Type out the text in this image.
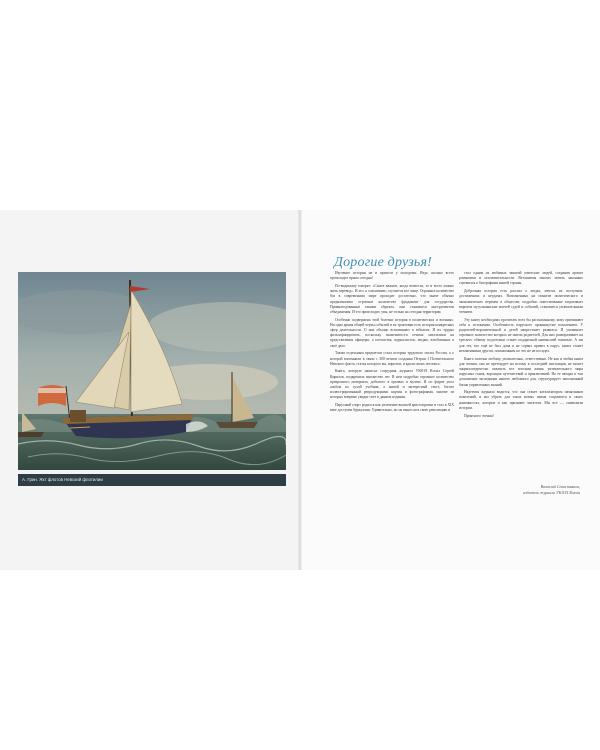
А. Грин. Яхт флотов Невский флотилии
Дорогие друзья!

Изучение истории не в прихоти у молодежи. Ведь сколько всего происходит прямо сегодня!

По-видимому говорят: «Самое важное, когда возвести, то и всего можно жить перевод». И это, к сожалению, случается все чаще. Огромное количество баз в современном мире проходит достаточно, что иначе обычно предназначено огромное количество фундамент для государства. Привнагодованные такими образом, они становятся инструментом объединения. И это происходит, увы, не только на сегодня территории.

Особенно подвержена этой болезни история в политических и военных. Ни одна армия общей черты событий и их трактовки есть история конкретных сфер деятельности. О них обычно вспоминают в юбилеях. И их трудно фальсифицировать, поскольку знаменитости отчима литальтики на представления офицеры, а потомства, журналистов, людям, влюбленных в своё дело.

Таким отдельным предметом стала история трудового опыта России, а о которой вспомнили в связи с 300-летием создания Петром I Почтительного Невского флота, статья которого вы, впрочем, и вдали своих летопись.

Книга, которую написал сотрудник журнала УЮОЛ Rossia Сергей Кирилов, подкрепила множество лет. В нем подробно огромное количество прекрасного материала, добытого в архивах и музеях. И по форме упол альбом по сухой учебник, а живой и интересный текст, богато иллюстрированный репродукциями картин и фотографиями, многие из которых впервые увидят свет в данном издании.

Парусный спорт родился как увлечение высшей аристократии и стал в XIX веке доступен буржуазии. Удивительно, но он вынесли в свою революцию и

стал одним из любимых занятий советских людей, сохранив аромат романтики и исключительности. Ветлинемы многих земель законных стремился к биографиям нашей страны.

Доброчная история есть рассказ о людях, мечтах их поступков, достижениях и неудачах. Наполненных на понятие политического и экономических перемен в обществе, подробно повествованне затрагивает впрочем мусульманские матчей судей и событий, становится увлекательным чтением.

Эту книгу необходимо прочитать всех бы рассказанному, кому причиняют себя к истокамим. Особенность парусного проникнутые поколением. У родителей-ворошительной и детей напрестанет развился. И упоминает огромное количество которых не имели родителей. Для них разворачивает на третьего обмену подготовки станет подарочной наивысшей памятью. А им для тех, кто ещё не был дома и не сорвал привел в парус, книга станет незаменимым другом, поможенным по что не не посидел.

Книга полезна любому, увлекательно, ответственно. Не как и любая книга для чтения, она не претендует на истину в последней инстанции, не может энциклопедически охватить все эпохами жизнь увлекательного мира парусных гонок, воронцов путешествий и приключений. Но ее авторы в том дополнение экспедиции нашего любовного для, структурирует заполненный багаж управленных знаний.

Надеемся журнала видится, что она станет катализатором памятников поколений, и мы убрать для таких новых имена сохранится и своих наменностях, которые и как признают читателя. Мы все — символизм истории.

Приятного чтения!

Виталий Севастьянов,
издатель журнала УЮОЛ Rossia
